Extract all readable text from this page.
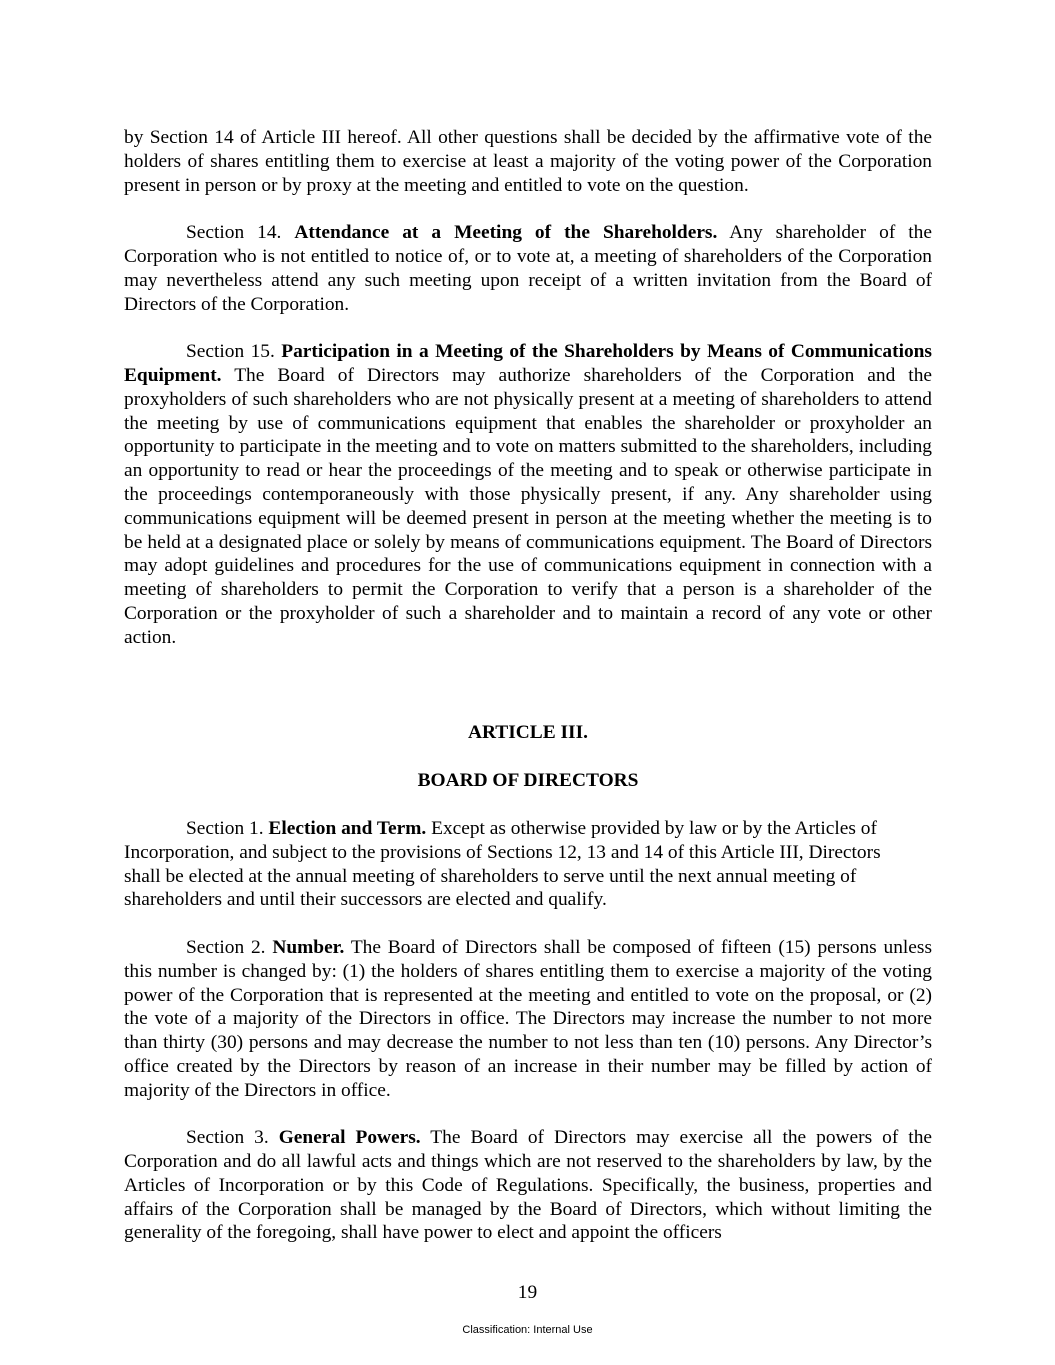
by Section 14 of Article III hereof. All other questions shall be decided by the affirmative vote of the holders of shares entitling them to exercise at least a majority of the voting power of the Corporation present in person or by proxy at the meeting and entitled to vote on the question.

Section 14. Attendance at a Meeting of the Shareholders. Any shareholder of the Corporation who is not entitled to notice of, or to vote at, a meeting of shareholders of the Corporation may nevertheless attend any such meeting upon receipt of a written invitation from the Board of Directors of the Corporation.

Section 15. Participation in a Meeting of the Shareholders by Means of Communications Equipment. The Board of Directors may authorize shareholders of the Corporation and the proxyholders of such shareholders who are not physically present at a meeting of shareholders to attend the meeting by use of communications equipment that enables the shareholder or proxyholder an opportunity to participate in the meeting and to vote on matters submitted to the shareholders, including an opportunity to read or hear the proceedings of the meeting and to speak or otherwise participate in the proceedings contemporaneously with those physically present, if any. Any shareholder using communications equipment will be deemed present in person at the meeting whether the meeting is to be held at a designated place or solely by means of communications equipment. The Board of Directors may adopt guidelines and procedures for the use of communications equipment in connection with a meeting of shareholders to permit the Corporation to verify that a person is a shareholder of the Corporation or the proxyholder of such a shareholder and to maintain a record of any vote or other action.

ARTICLE III.

BOARD OF DIRECTORS

Section 1. Election and Term. Except as otherwise provided by law or by the Articles of Incorporation, and subject to the provisions of Sections 12, 13 and 14 of this Article III, Directors shall be elected at the annual meeting of shareholders to serve until the next annual meeting of shareholders and until their successors are elected and qualify.

Section 2. Number. The Board of Directors shall be composed of fifteen (15) persons unless this number is changed by: (1) the holders of shares entitling them to exercise a majority of the voting power of the Corporation that is represented at the meeting and entitled to vote on the proposal, or (2) the vote of a majority of the Directors in office. The Directors may increase the number to not more than thirty (30) persons and may decrease the number to not less than ten (10) persons. Any Director’s office created by the Directors by reason of an increase in their number may be filled by action of majority of the Directors in office.

Section 3. General Powers. The Board of Directors may exercise all the powers of the Corporation and do all lawful acts and things which are not reserved to the shareholders by law, by the Articles of Incorporation or by this Code of Regulations. Specifically, the business, properties and affairs of the Corporation shall be managed by the Board of Directors, which without limiting the generality of the foregoing, shall have power to elect and appoint the officers

19
Classification: Internal Use
